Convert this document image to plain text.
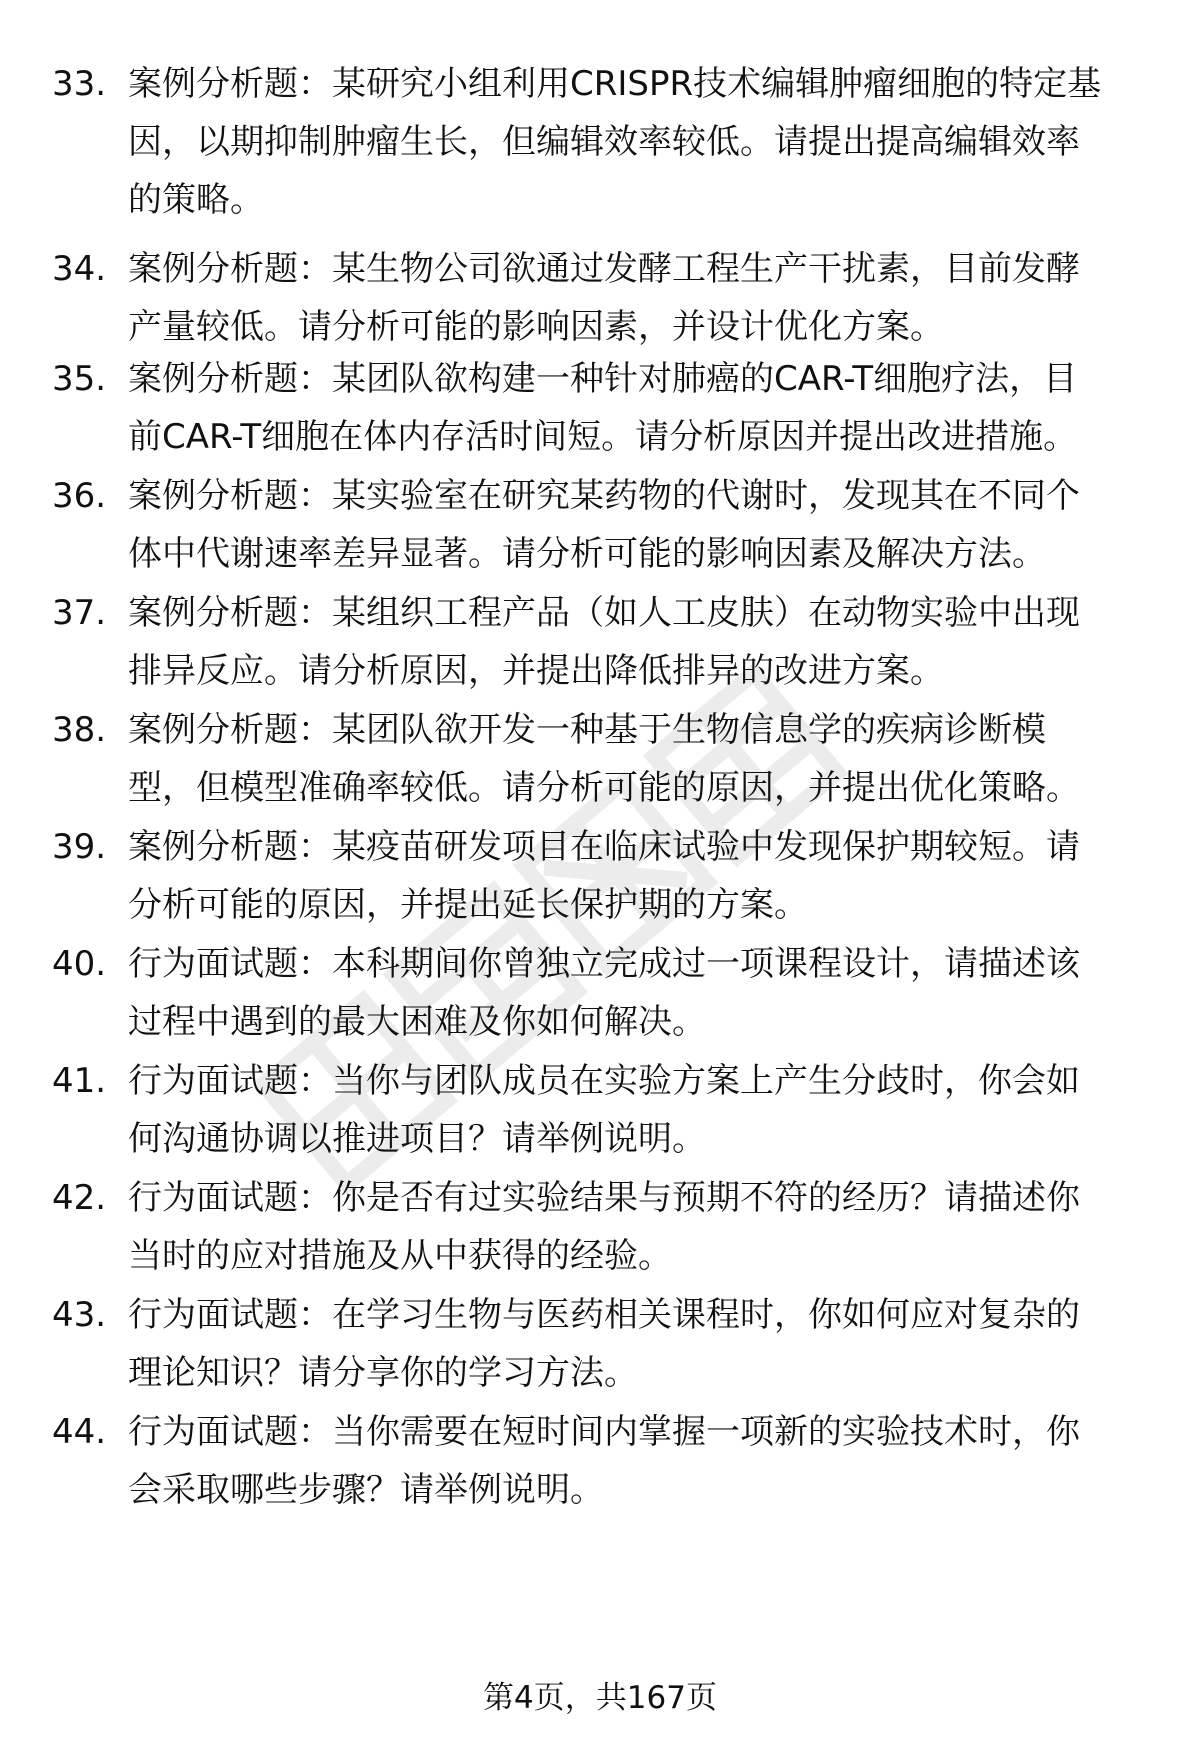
33. 案例分析题：某研究小组利用CRISPR技术编辑肿瘤细胞的特定基
因，以期抑制肿瘤生长，但编辑效率较低。请提出提高编辑效率
的策略。
34. 案例分析题：某生物公司欲通过发酵工程生产干扰素，目前发酵
产量较低。请分析可能的影响因素，并设计优化方案。
35. 案例分析题：某团队欲构建一种针对肺癌的CAR-T细胞疗法，目
前CAR-T细胞在体内存活时间短。请分析原因并提出改进措施。
36. 案例分析题：某实验室在研究某药物的代谢时，发现其在不同个
体中代谢速率差异显著。请分析可能的影响因素及解决方法。
37. 案例分析题：某组织工程产品（如人工皮肤）在动物实验中出现
排异反应。请分析原因，并提出降低排异的改进方案。
38. 案例分析题：某团队欲开发一种基于生物信息学的疾病诊断模
型，但模型准确率较低。请分析可能的原因，并提出优化策略。
39. 案例分析题：某疫苗研发项目在临床试验中发现保护期较短。请
分析可能的原因，并提出延长保护期的方案。
40. 行为面试题：本科期间你曾独立完成过一项课程设计，请描述该
过程中遇到的最大困难及你如何解决。
41. 行为面试题：当你与团队成员在实验方案上产生分歧时，你会如
何沟通协调以推进项目？请举例说明。
42. 行为面试题：你是否有过实验结果与预期不符的经历？请描述你
当时的应对措施及从中获得的经验。
43. 行为面试题：在学习生物与医药相关课程时，你如何应对复杂的
理论知识？请分享你的学习方法。
44. 行为面试题：当你需要在短时间内掌握一项新的实验技术时，你
会采取哪些步骤？请举例说明。
第4页，共167页
